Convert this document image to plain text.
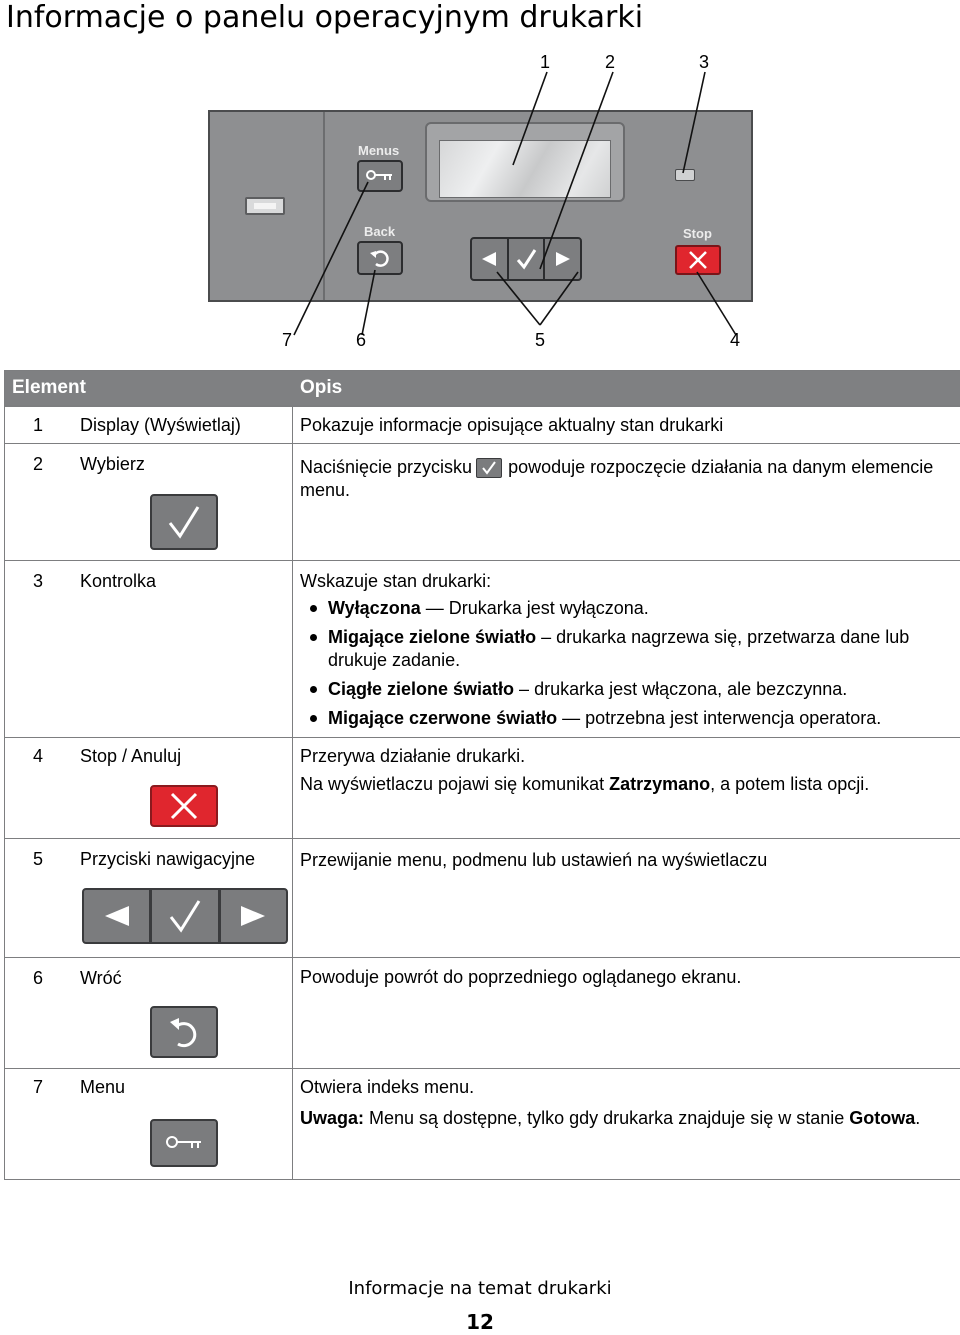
Informacje o panelu operacyjnym drukarki
1	2	3
Menus
Back	Stop
7	6	5	4
Element	Opis
1 Display (Wyświetlaj)	Pokazuje informacje opisujące aktualny stan drukarki
2 Wybierz	Naciśnięcie przycisku powoduje rozpoczęcie działania na danym elemencie menu.
3 Kontrolka	Wskazuje stan drukarki:
Wyłączona — Drukarka jest wyłączona.
Migające zielone światło – drukarka nagrzewa się, przetwarza dane lub drukuje zadanie.
Ciągłe zielone światło – drukarka jest włączona, ale bezczynna.
Migające czerwone światło — potrzebna jest interwencja operatora.
4 Stop / Anuluj	Przerywa działanie drukarki.
Na wyświetlaczu pojawi się komunikat Zatrzymano, a potem lista opcji.
5 Przyciski nawigacyjne	Przewijanie menu, podmenu lub ustawień na wyświetlaczu
6 Wróć	Powoduje powrót do poprzedniego oglądanego ekranu.
7 Menu	Otwiera indeks menu.
Uwaga: Menu są dostępne, tylko gdy drukarka znajduje się w stanie Gotowa.
Informacje na temat drukarki
12
